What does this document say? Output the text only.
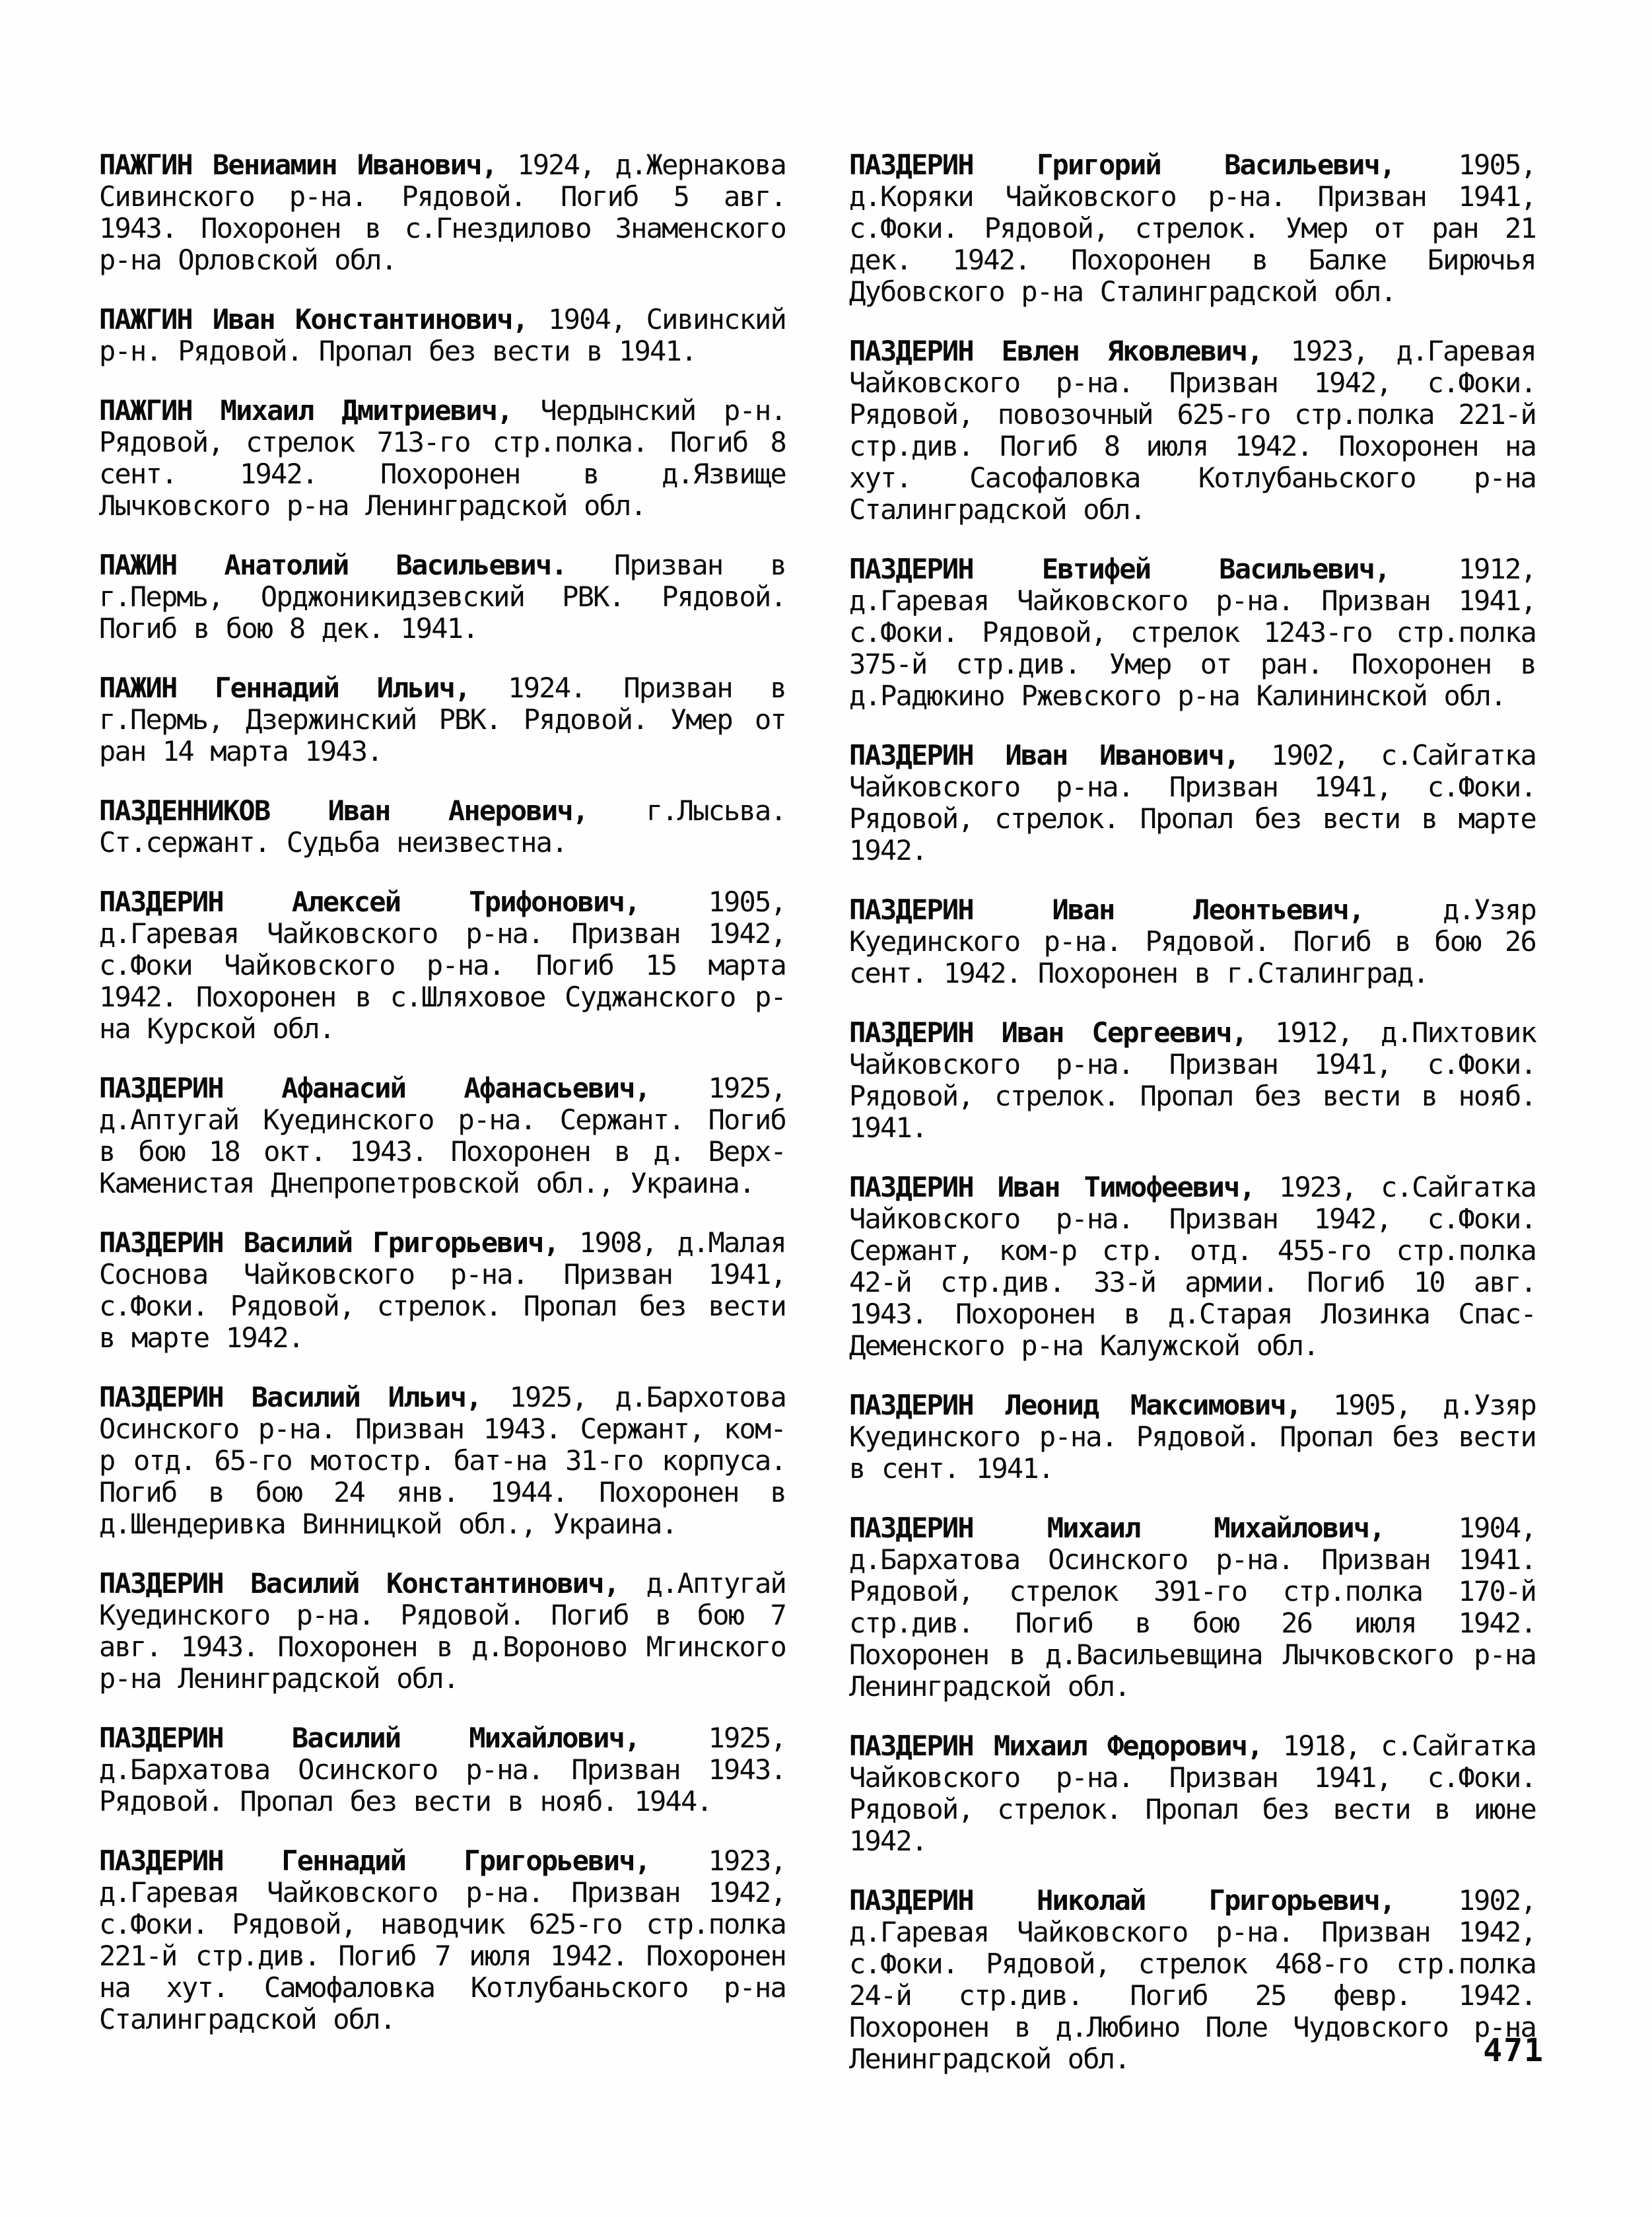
ПАЖГИН Вениамин Иванович, 1924, д.Жернакова Сивинского р-на. Рядовой. Погиб 5 авг. 1943. Похоронен в с.Гнездилово Знаменского р-на Орловской обл.

ПАЖГИН Иван Константинович, 1904, Сивинский р-н. Рядовой. Пропал без вести в 1941.

ПАЖГИН Михаил Дмитриевич, Чердынский р-н. Рядовой, стрелок 713-го стр.полка. Погиб 8 сент. 1942. Похоронен в д.Язвище Лычковского р-на Ленинградской обл.

ПАЖИН Анатолий Васильевич. Призван в г.Пермь, Орджоникидзевский РВК. Рядовой. Погиб в бою 8 дек. 1941.

ПАЖИН Геннадий Ильич, 1924. Призван в г.Пермь, Дзержинский РВК. Рядовой. Умер от ран 14 марта 1943.

ПАЗДЕННИКОВ Иван Анерович, г.Лысьва. Ст.сержант. Судьба неизвестна.

ПАЗДЕРИН Алексей Трифонович, 1905, д.Гаревая Чайковского р-на. Призван 1942, с.Фоки Чайковского р-на. Погиб 15 марта 1942. Похоронен в с.Шляховое Суджанского р-на Курской обл.

ПАЗДЕРИН Афанасий Афанасьевич, 1925, д.Аптугай Куединского р-на. Сержант. Погиб в бою 18 окт. 1943. Похоронен в д. Верх-Каменистая Днепропетровской обл., Украина.

ПАЗДЕРИН Василий Григорьевич, 1908, д.Малая Соснова Чайковского р-на. Призван 1941, с.Фоки. Рядовой, стрелок. Пропал без вести в марте 1942.

ПАЗДЕРИН Василий Ильич, 1925, д.Бархотова Осинского р-на. Призван 1943. Сержант, ком-р отд. 65-го мотостр. бат-на 31-го корпуса. Погиб в бою 24 янв. 1944. Похоронен в д.Шендеривка Винницкой обл., Украина.

ПАЗДЕРИН Василий Константинович, д.Аптугай Куединского р-на. Рядовой. Погиб в бою 7 авг. 1943. Похоронен в д.Вороново Мгинского р-на Ленинградской обл.

ПАЗДЕРИН Василий Михайлович, 1925, д.Бархатова Осинского р-на. Призван 1943. Рядовой. Пропал без вести в нояб. 1944.

ПАЗДЕРИН Геннадий Григорьевич, 1923, д.Гаревая Чайковского р-на. Призван 1942, с.Фоки. Рядовой, наводчик 625-го стр.полка 221-й стр.див. Погиб 7 июля 1942. Похоронен на хут. Самофаловка Котлубаньского р-на Сталинградской обл.

ПАЗДЕРИН Григорий Васильевич, 1905, д.Коряки Чайковского р-на. Призван 1941, с.Фоки. Рядовой, стрелок. Умер от ран 21 дек. 1942. Похоронен в Балке Бирючья Дубовского р-на Сталинградской обл.

ПАЗДЕРИН Евлен Яковлевич, 1923, д.Гаревая Чайковского р-на. Призван 1942, с.Фоки. Рядовой, повозочный 625-го стр.полка 221-й стр.див. Погиб 8 июля 1942. Похоронен на хут. Сасофаловка Котлубаньского р-на Сталинградской обл.

ПАЗДЕРИН Евтифей Васильевич, 1912, д.Гаревая Чайковского р-на. Призван 1941, с.Фоки. Рядовой, стрелок 1243-го стр.полка 375-й стр.див. Умер от ран. Похоронен в д.Радюкино Ржевского р-на Калининской обл.

ПАЗДЕРИН Иван Иванович, 1902, с.Сайгатка Чайковского р-на. Призван 1941, с.Фоки. Рядовой, стрелок. Пропал без вести в марте 1942.

ПАЗДЕРИН Иван Леонтьевич, д.Узяр Куединского р-на. Рядовой. Погиб в бою 26 сент. 1942. Похоронен в г.Сталинград.

ПАЗДЕРИН Иван Сергеевич, 1912, д.Пихтовик Чайковского р-на. Призван 1941, с.Фоки. Рядовой, стрелок. Пропал без вести в нояб. 1941.

ПАЗДЕРИН Иван Тимофеевич, 1923, с.Сайгатка Чайковского р-на. Призван 1942, с.Фоки. Сержант, ком-р стр. отд. 455-го стр.полка 42-й стр.див. 33-й армии. Погиб 10 авг. 1943. Похоронен в д.Старая Лозинка Спас-Деменского р-на Калужской обл.

ПАЗДЕРИН Леонид Максимович, 1905, д.Узяр Куединского р-на. Рядовой. Пропал без вести в сент. 1941.

ПАЗДЕРИН Михаил Михайлович, 1904, д.Бархатова Осинского р-на. Призван 1941. Рядовой, стрелок 391-го стр.полка 170-й стр.див. Погиб в бою 26 июля 1942. Похоронен в д.Васильевщина Лычковского р-на Ленинградской обл.

ПАЗДЕРИН Михаил Федорович, 1918, с.Сайгатка Чайковского р-на. Призван 1941, с.Фоки. Рядовой, стрелок. Пропал без вести в июне 1942.

ПАЗДЕРИН Николай Григорьевич, 1902, д.Гаревая Чайковского р-на. Призван 1942, с.Фоки. Рядовой, стрелок 468-го стр.полка 24-й стр.див. Погиб 25 февр. 1942. Похоронен в д.Любино Поле Чудовского р-на Ленинградской обл.	471
